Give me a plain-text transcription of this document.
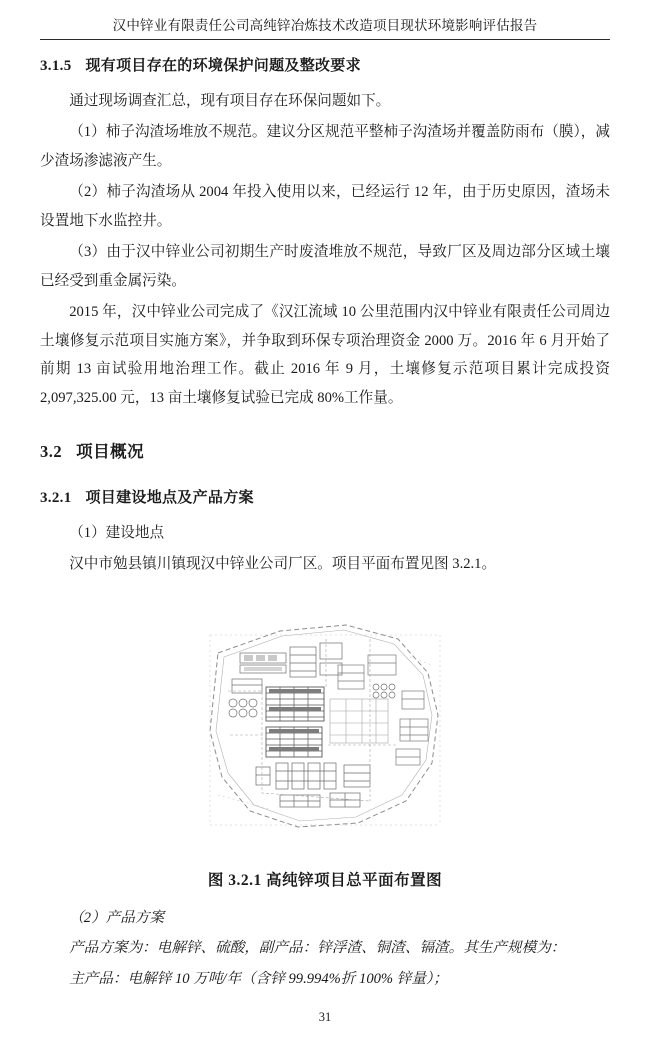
汉中锌业有限责任公司高纯锌冶炼技术改造项目现状环境影响评估报告
3.1.5 现有项目存在的环境保护问题及整改要求

通过现场调查汇总，现有项目存在环保问题如下。

（1）柿子沟渣场堆放不规范。建议分区规范平整柿子沟渣场并覆盖防雨布（膜），减少渣场渗滤液产生。

（2）柿子沟渣场从 2004 年投入使用以来，已经运行 12 年，由于历史原因，渣场未设置地下水监控井。

（3）由于汉中锌业公司初期生产时废渣堆放不规范，导致厂区及周边部分区域土壤已经受到重金属污染。

2015 年，汉中锌业公司完成了《汉江流域 10 公里范围内汉中锌业有限责任公司周边土壤修复示范项目实施方案》，并争取到环保专项治理资金 2000 万。2016 年 6 月开始了前期 13 亩试验用地治理工作。截止 2016 年 9 月，土壤修复示范项目累计完成投资 2,097,325.00 元，13 亩土壤修复试验已完成 80%工作量。

3.2 项目概况
3.2.1 项目建设地点及产品方案

（1）建设地点

汉中市勉县镇川镇现汉中锌业公司厂区。项目平面布置见图 3.2.1。

图 3.2.1 高纯锌项目总平面布置图

（2）产品方案

产品方案为：电解锌、硫酸，副产品：锌浮渣、铜渣、镉渣。其生产规模为：

主产品：电解锌 10 万吨/年（含锌 99.994%折 100% 锌量）；

31
